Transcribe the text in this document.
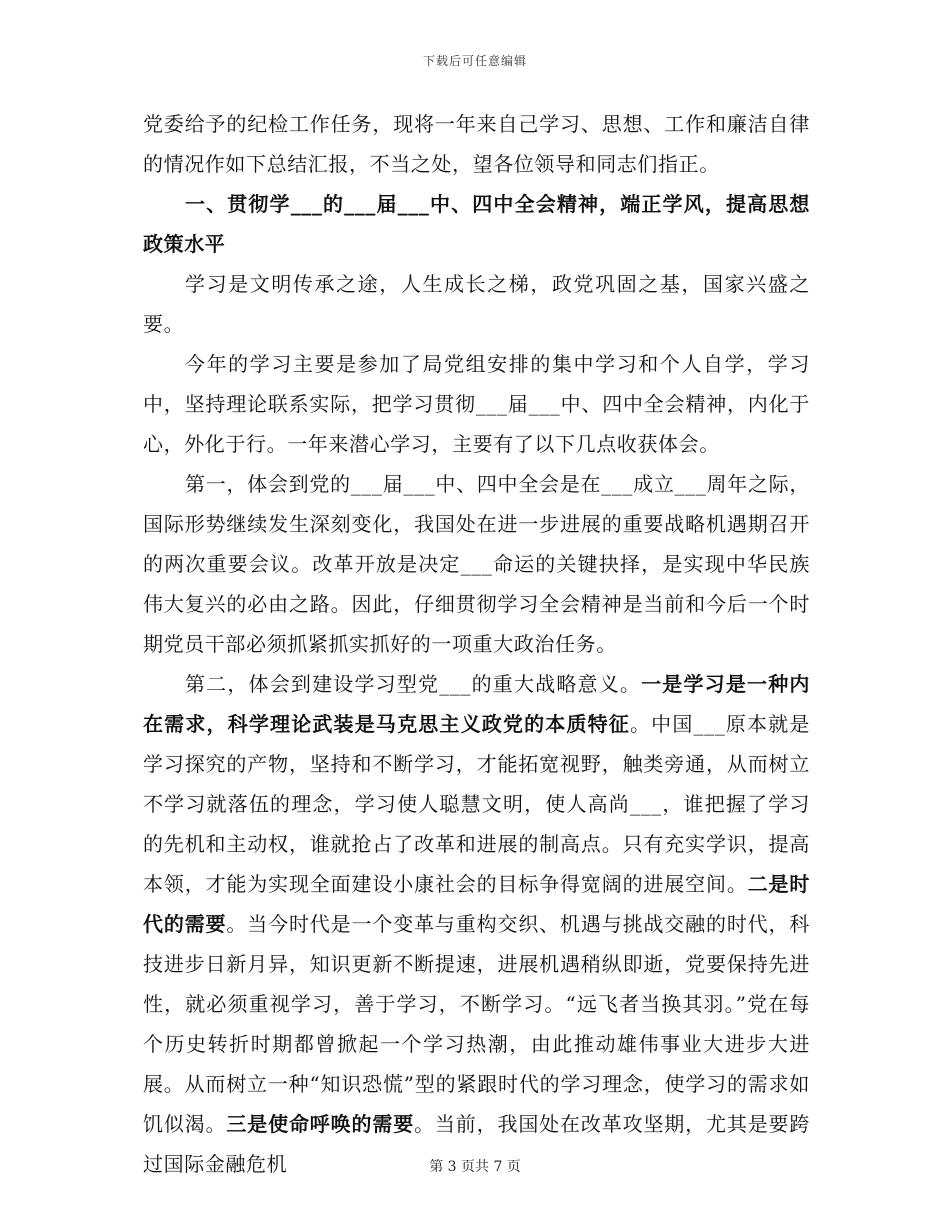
下载后可任意编辑

党委给予的纪检工作任务，现将一年来自己学习、思想、工作和廉洁自律的情况作如下总结汇报，不当之处，望各位领导和同志们指正。

一、贯彻学___的___届___中、四中全会精神，端正学风，提高思想政策水平

学习是文明传承之途，人生成长之梯，政党巩固之基，国家兴盛之要。

今年的学习主要是参加了局党组安排的集中学习和个人自学，学习中，坚持理论联系实际，把学习贯彻___届___中、四中全会精神，内化于心，外化于行。一年来潜心学习，主要有了以下几点收获体会。

第一，体会到党的___届___中、四中全会是在___成立___周年之际，国际形势继续发生深刻变化，我国处在进一步进展的重要战略机遇期召开的两次重要会议。改革开放是决定___命运的关键抉择，是实现中华民族伟大复兴的必由之路。因此，仔细贯彻学习全会精神是当前和今后一个时期党员干部必须抓紧抓实抓好的一项重大政治任务。

第二，体会到建设学习型党___的重大战略意义。一是学习是一种内在需求，科学理论武装是马克思主义政党的本质特征。中国___原本就是学习探究的产物，坚持和不断学习，才能拓宽视野，触类旁通，从而树立不学习就落伍的理念，学习使人聪慧文明，使人高尚___，谁把握了学习的先机和主动权，谁就抢占了改革和进展的制高点。只有充实学识，提高本领，才能为实现全面建设小康社会的目标争得宽阔的进展空间。二是时代的需要。当今时代是一个变革与重构交织、机遇与挑战交融的时代，科技进步日新月异，知识更新不断提速，进展机遇稍纵即逝，党要保持先进性，就必须重视学习，善于学习，不断学习。“远飞者当换其羽。”党在每个历史转折时期都曾掀起一个学习热潮，由此推动雄伟事业大进步大进展。从而树立一种“知识恐慌”型的紧跟时代的学习理念，使学习的需求如饥似渴。三是使命呼唤的需要。当前，我国处在改革攻坚期，尤其是要跨过国际金融危机	第 3 页共 7 页
